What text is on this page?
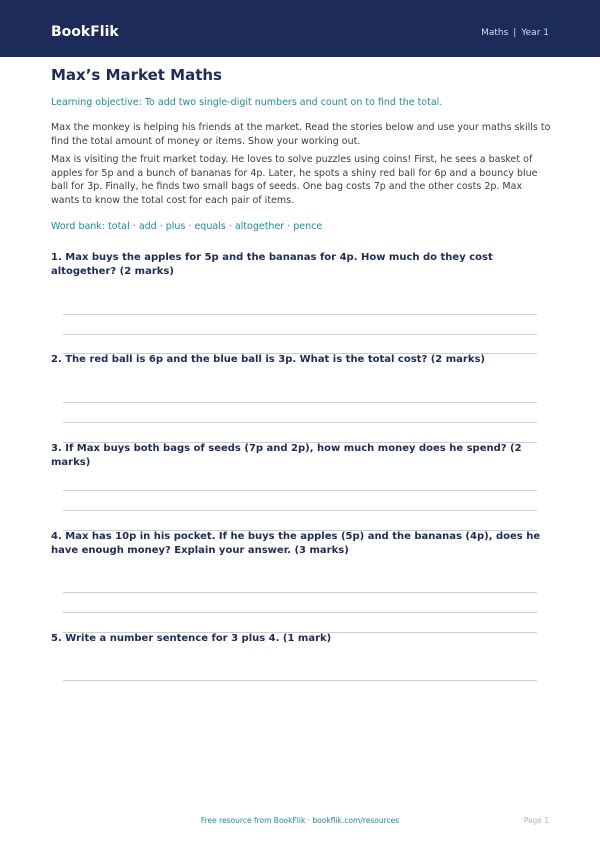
BookFlik	Maths | Year 1
Max’s Market Maths
Learning objective: To add two single-digit numbers and count on to find the total.
Max the monkey is helping his friends at the market. Read the stories below and use your maths skills to find the total amount of money or items. Show your working out.
Max is visiting the fruit market today. He loves to solve puzzles using coins! First, he sees a basket of apples for 5p and a bunch of bananas for 4p. Later, he spots a shiny red ball for 6p and a bouncy blue ball for 3p. Finally, he finds two small bags of seeds. One bag costs 7p and the other costs 2p. Max wants to know the total cost for each pair of items.
Word bank: total · add · plus · equals · altogether · pence
1. Max buys the apples for 5p and the bananas for 4p. How much do they cost altogether? (2 marks)
2. The red ball is 6p and the blue ball is 3p. What is the total cost? (2 marks)
3. If Max buys both bags of seeds (7p and 2p), how much money does he spend? (2 marks)
4. Max has 10p in his pocket. If he buys the apples (5p) and the bananas (4p), does he have enough money? Explain your answer. (3 marks)
5. Write a number sentence for 3 plus 4. (1 mark)
Free resource from BookFlik · bookflik.com/resources	Page 1
